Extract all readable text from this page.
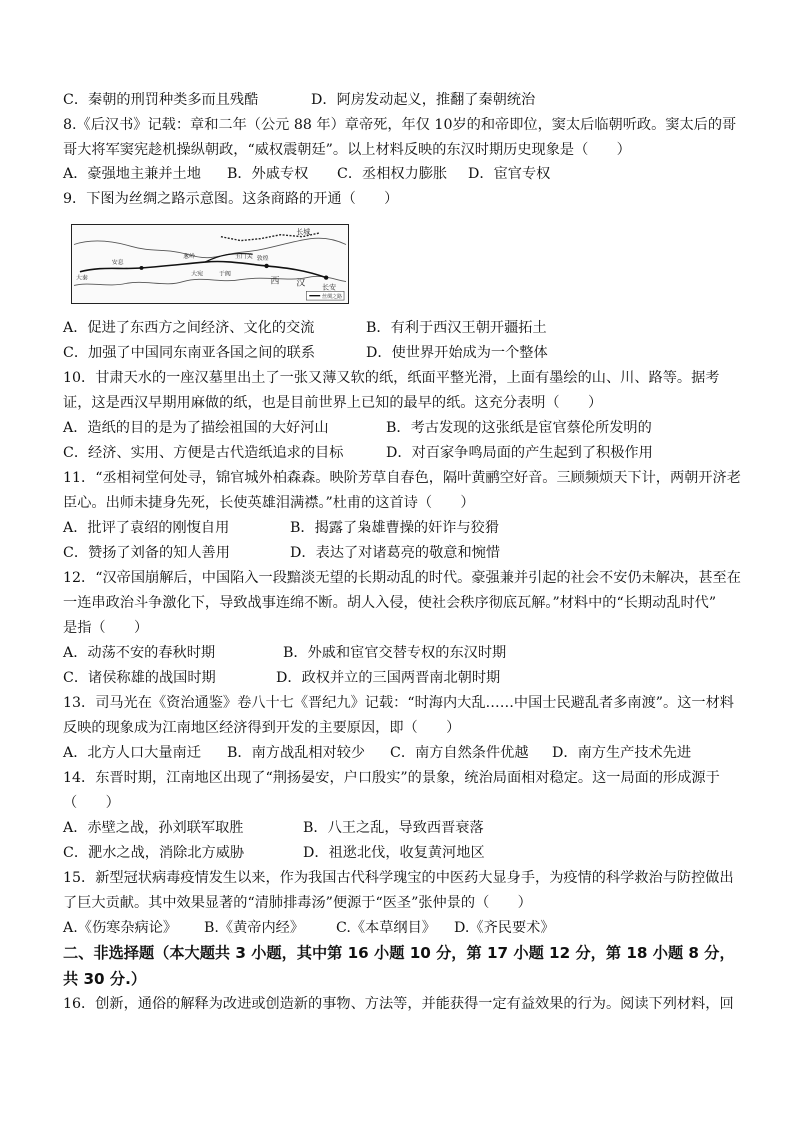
C．秦朝的刑罚种类多而且残酷	D．阿房发动起义，推翻了秦朝统治
8.《后汉书》记载：章和二年（公元 88 年）章帝死，年仅 10岁的和帝即位，窦太后临朝听政。窦太后的哥
哥大将军窦宪趁机操纵朝政，“威权震朝廷”。以上材料反映的东汉时期历史现象是（　　）
A．豪强地主兼并土地 B．外戚专权 C．丞相权力膨胀 D．宦官专权
9．下图为丝绸之路示意图。这条商路的开通（　　）
长城
长安
西 汉
敦煌
葱岭
大宛	于阗
玉门关
安息
大秦
丝绸之路
A．促进了东西方之间经济、文化的交流	B．有利于西汉王朝开疆拓土
C．加强了中国同东南亚各国之间的联系	D．使世界开始成为一个整体
10．甘肃天水的一座汉墓里出土了一张又薄又软的纸，纸面平整光滑，上面有墨绘的山、川、路等。据考
证，这是西汉早期用麻做的纸，也是目前世界上已知的最早的纸。这充分表明（　　）
A．造纸的目的是为了描绘祖国的大好河山	B．考古发现的这张纸是宦官蔡伦所发明的
C．经济、实用、方便是古代造纸追求的目标	D．对百家争鸣局面的产生起到了积极作用
11．“丞相祠堂何处寻，锦官城外柏森森。映阶芳草自春色，隔叶黄鹂空好音。三顾频烦天下计，两朝开济老
臣心。出师未捷身先死，长使英雄泪满襟。”杜甫的这首诗（　　）
A．批评了袁绍的刚愎自用	B．揭露了枭雄曹操的奸诈与狡猾
C．赞扬了刘备的知人善用	D．表达了对诸葛亮的敬意和惋惜
12．“汉帝国崩解后，中国陷入一段黯淡无望的长期动乱的时代。豪强兼并引起的社会不安仍未解决，甚至在
一连串政治斗争激化下，导致战事连绵不断。胡人入侵，使社会秩序彻底瓦解。”材料中的“长期动乱时代”
是指（　　）
A．动荡不安的春秋时期	B．外戚和宦官交替专权的东汉时期
C．诸侯称雄的战国时期	D．政权并立的三国两晋南北朝时期
13．司马光在《资治通鉴》卷八十七《晋纪九》记载：“时海内大乱……中国士民避乱者多南渡”。这一材料
反映的现象成为江南地区经济得到开发的主要原因，即（　　）
A．北方人口大量南迁 B．南方战乱相对较少 C．南方自然条件优越 D．南方生产技术先进
14．东晋时期，江南地区出现了“荆扬晏安，户口殷实”的景象，统治局面相对稳定。这一局面的形成源于
（　　）
A．赤壁之战，孙刘联军取胜	B．八王之乱，导致西晋衰落
C．淝水之战，消除北方威胁	D．祖逖北伐，收复黄河地区
15．新型冠状病毒疫情发生以来，作为我国古代科学瑰宝的中医药大显身手，为疫情的科学救治与防控做出
了巨大贡献。其中效果显著的“清肺排毒汤”便源于“医圣”张仲景的（　　）
A.《伤寒杂病论》 B.《黄帝内经》 C.《本草纲目》 D.《齐民要术》
二、非选择题（本大题共 3 小题，其中第 16 小题 10 分，第 17 小题 12 分，第 18 小题 8 分，
共 30 分.）
16．创新，通俗的解释为改进或创造新的事物、方法等，并能获得一定有益效果的行为。阅读下列材料，回
